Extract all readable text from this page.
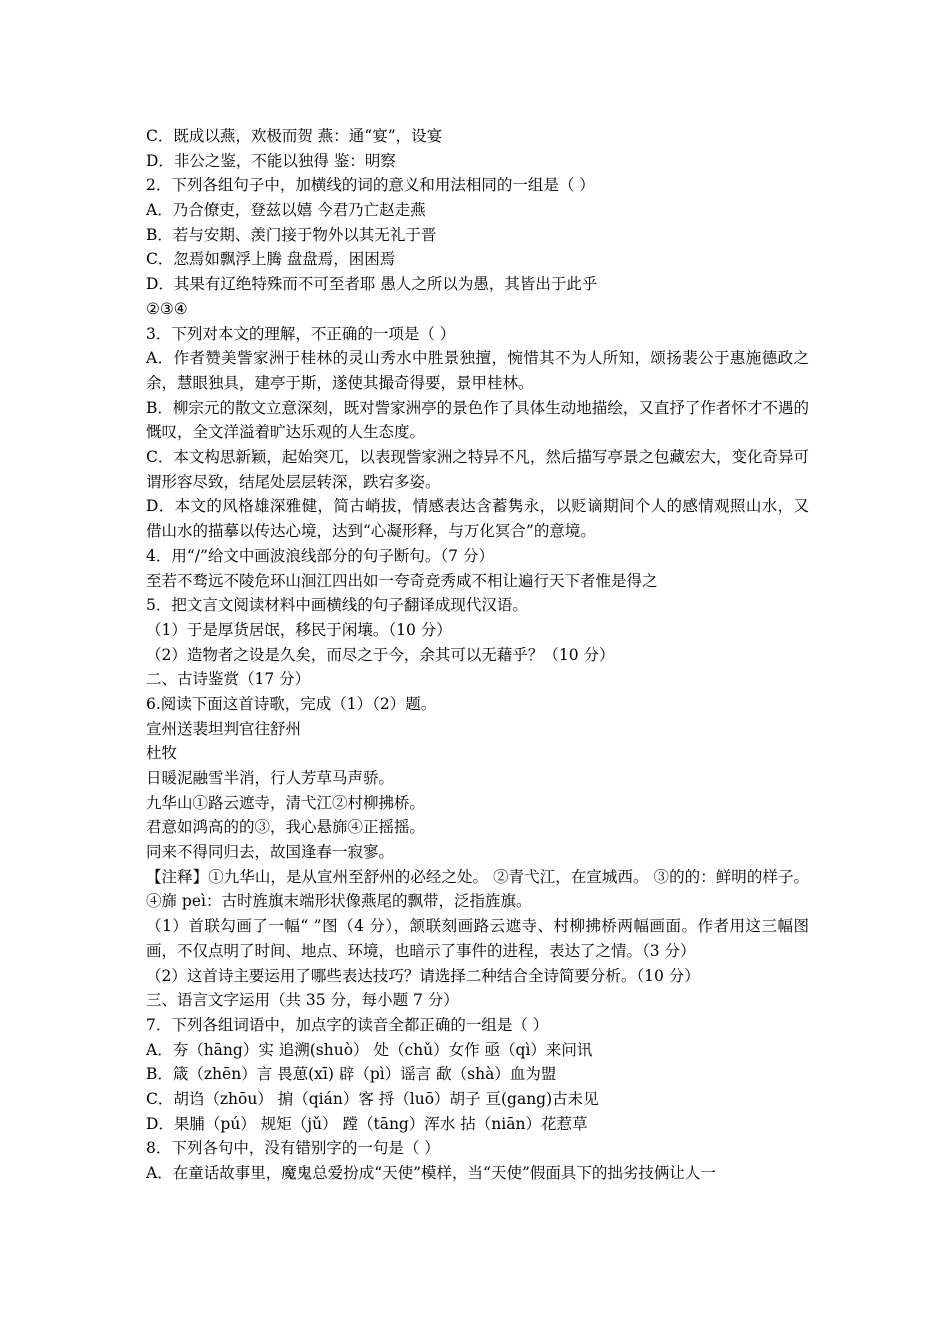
C．既成以燕，欢极而贺 燕：通“宴”，设宴
D．非公之鉴，不能以独得 鉴：明察
2．下列各组句子中，加横线的词的意义和用法相同的一组是（ ）
A．乃合僚吏，登兹以嬉 今君乃亡赵走燕
B．若与安期、羡门接于物外以其无礼于晋
C．忽焉如飘浮上腾 盘盘焉，困困焉
D．其果有辽绝特殊而不可至者耶 愚人之所以为愚，其皆出于此乎
②③④
3．下列对本文的理解，不正确的一项是（ ）
A．作者赞美訾家洲于桂林的灵山秀水中胜景独擅，惋惜其不为人所知，颂扬裴公于惠施德政之余，慧眼独具，建亭于斯，遂使其撮奇得要，景甲桂林。
B．柳宗元的散文立意深刻，既对訾家洲亭的景色作了具体生动地描绘，又直抒了作者怀才不遇的慨叹，全文洋溢着旷达乐观的人生态度。
C．本文构思新颖，起始突兀，以表现訾家洲之特异不凡，然后描写亭景之包藏宏大，变化奇异可谓形容尽致，结尾处层层转深，跌宕多姿。
D．本文的风格雄深雅健，简古峭拔，情感表达含蓄隽永，以贬谪期间个人的感情观照山水，又借山水的描摹以传达心境，达到“心凝形释，与万化冥合”的意境。
4．用“/”给文中画波浪线部分的句子断句。（7 分）
至若不骛远不陵危环山洄江四出如一夸奇竞秀咸不相让遍行天下者惟是得之
5．把文言文阅读材料中画横线的句子翻译成现代汉语。
（1）于是厚货居氓，移民于闲壤。（10 分）
（2）造物者之设是久矣，而尽之于今，余其可以无藉乎？（10 分）
二、古诗鉴赏（17 分）
6.阅读下面这首诗歌，完成（1）（2）题。
宣州送裴坦判官往舒州
杜牧
日暖泥融雪半消，行人芳草马声骄。
九华山①路云遮寺，清弋江②村柳拂桥。
君意如鸿高的的③，我心悬旆④正摇摇。
同来不得同归去，故国逢春一寂寥。
【注释】①九华山，是从宣州至舒州的必经之处。 ②青弋江，在宣城西。 ③的的：鲜明的样子。 ④旆 peì：古时旌旗末端形状像燕尾的飘带，泛指旌旗。
（1）首联勾画了一幅“ ”图（4 分），颔联刻画路云遮寺、村柳拂桥两幅画面。作者用这三幅图画，不仅点明了时间、地点、环境，也暗示了事件的进程，表达了之情。（3 分）
（2）这首诗主要运用了哪些表达技巧？请选择二种结合全诗简要分析。（10 分）
三、语言文字运用（共 35 分，每小题 7 分）
7．下列各组词语中，加点字的读音全都正确的一组是（ ）
A．夯（hāng）实 追溯(shuò） 处（chǔ）女作 亟（qì）来问讯
B．箴（zhēn）言 畏葸(xī) 辟（pì）谣言 歃（shà）血为盟
C．胡诌（zhōu） 掮（qián）客 捋（luō）胡子 亘(gang)古未见
D．果脯（pú） 规矩（jǔ） 蹚（tāng）浑水 拈（niān）花惹草
8．下列各句中，没有错别字的一句是（ ）
A．在童话故事里，魔鬼总爱扮成“天使”模样，当“天使”假面具下的拙劣技俩让人一
